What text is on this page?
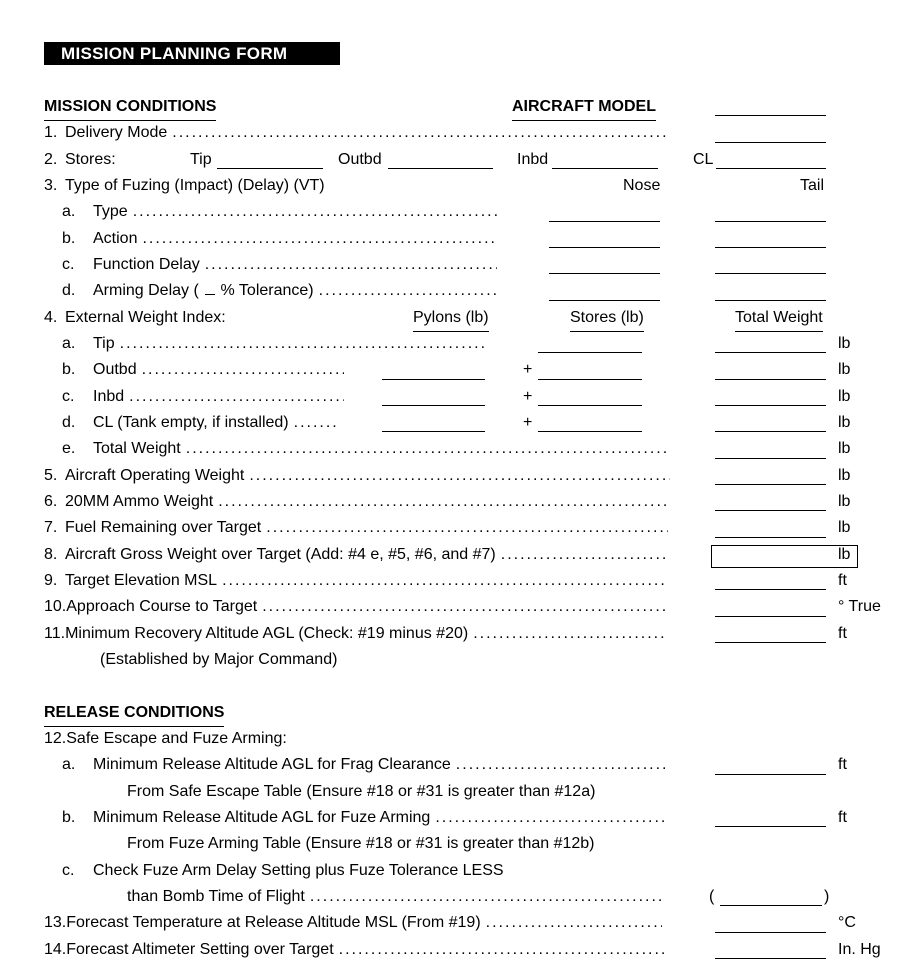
MISSION PLANNING FORM
MISSION CONDITIONS	AIRCRAFT MODEL
1. Delivery Mode
.....
2. Stores:	Tip	Outbd	Inbd	CL
3. Type of Fuzing (Impact) (Delay) (VT)	Nose	Tail
a.	Type
.....
b.	Action
.....
c.	Function Delay
.....
d.	Arming Delay ( % Tolerance)
.....
4. External Weight Index:	Pylons (lb)	Stores (lb)	Total Weight
a.	Tip .....	lb
b.	Outbd .....	+	lb
c.	Inbd .....	+	lb
d.	CL (Tank empty, if installed) .....	+	lb
e.	Total Weight .....	lb
5. Aircraft Operating Weight .....	lb
6. 20MM Ammo Weight .....	lb
7. Fuel Remaining over Target .....	lb
8. Aircraft Gross Weight over Target (Add: #4 e, #5, #6, and #7) .....	lb
9. Target Elevation MSL .....	ft
10. Approach Course to Target .....	° True
11. Minimum Recovery Altitude AGL (Check: #19 minus #20) .....	ft
(Established by Major Command)
RELEASE CONDITIONS
12. Safe Escape and Fuze Arming:
a.	Minimum Release Altitude AGL for Frag Clearance .....	ft
From Safe Escape Table (Ensure #18 or #31 is greater than #12a)
b.	Minimum Release Altitude AGL for Fuze Arming .....	ft
From Fuze Arming Table (Ensure #18 or #31 is greater than #12b)
c.	Check Fuze Arm Delay Setting plus Fuze Tolerance LESS
than Bomb Time of Flight .....	(	)
13. Forecast Temperature at Release Altitude MSL (From #19) .....	°C
14. Forecast Altimeter Setting over Target .....	In. Hg
